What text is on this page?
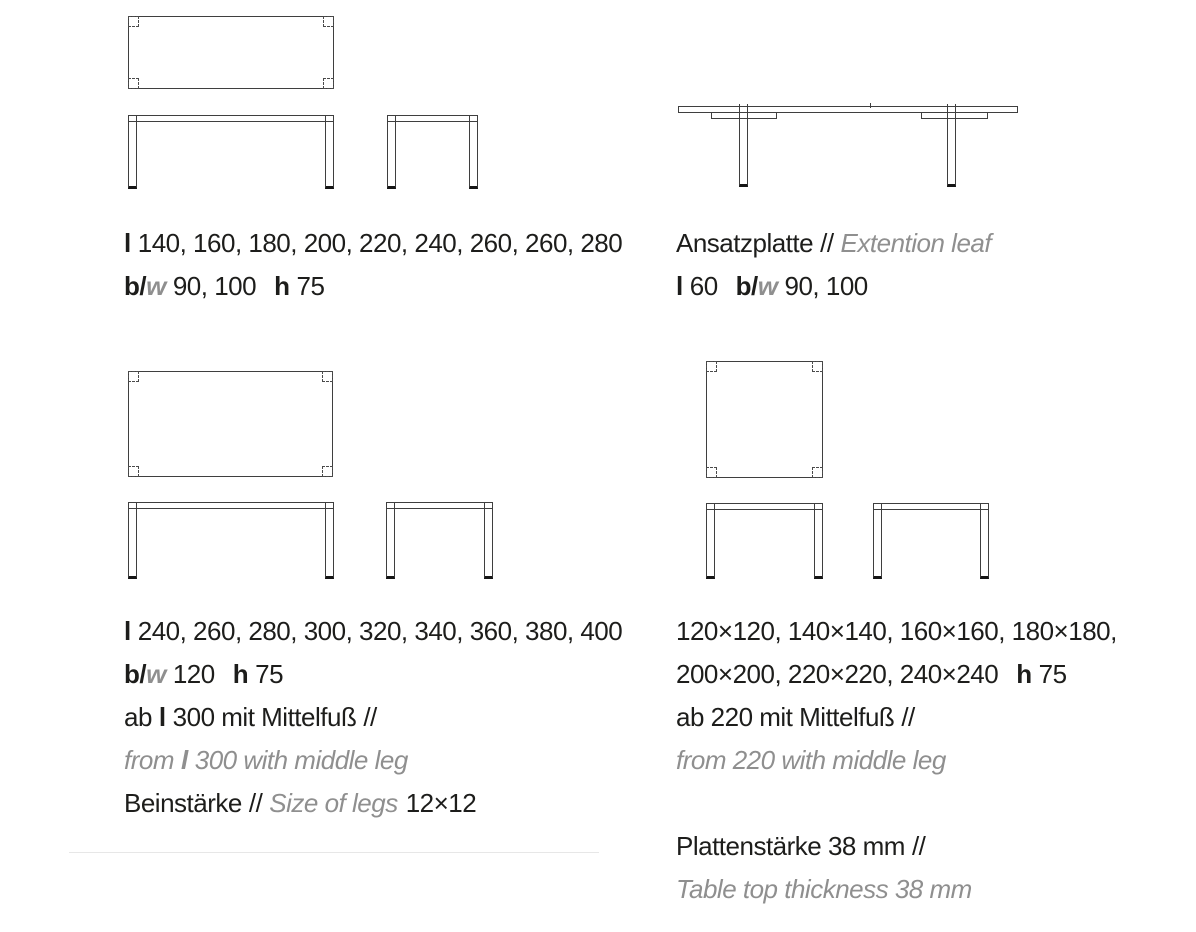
l 140, 160, 180, 200, 220, 240, 260, 260, 280
b/w 90, 100 h 75
Ansatzplatte // Extention leaf
l 60 b/w 90, 100
l 240, 260, 280, 300, 320, 340, 360, 380, 400
b/w 120 h 75
ab l 300 mit Mittelfuß //
from l 300 with middle leg
Beinstärke // Size of legs 12×12
120×120, 140×140, 160×160, 180×180,
200×200, 220×220, 240×240 h 75
ab 220 mit Mittelfuß //
from 220 with middle leg

Plattenstärke 38 mm //
Table top thickness 38 mm
